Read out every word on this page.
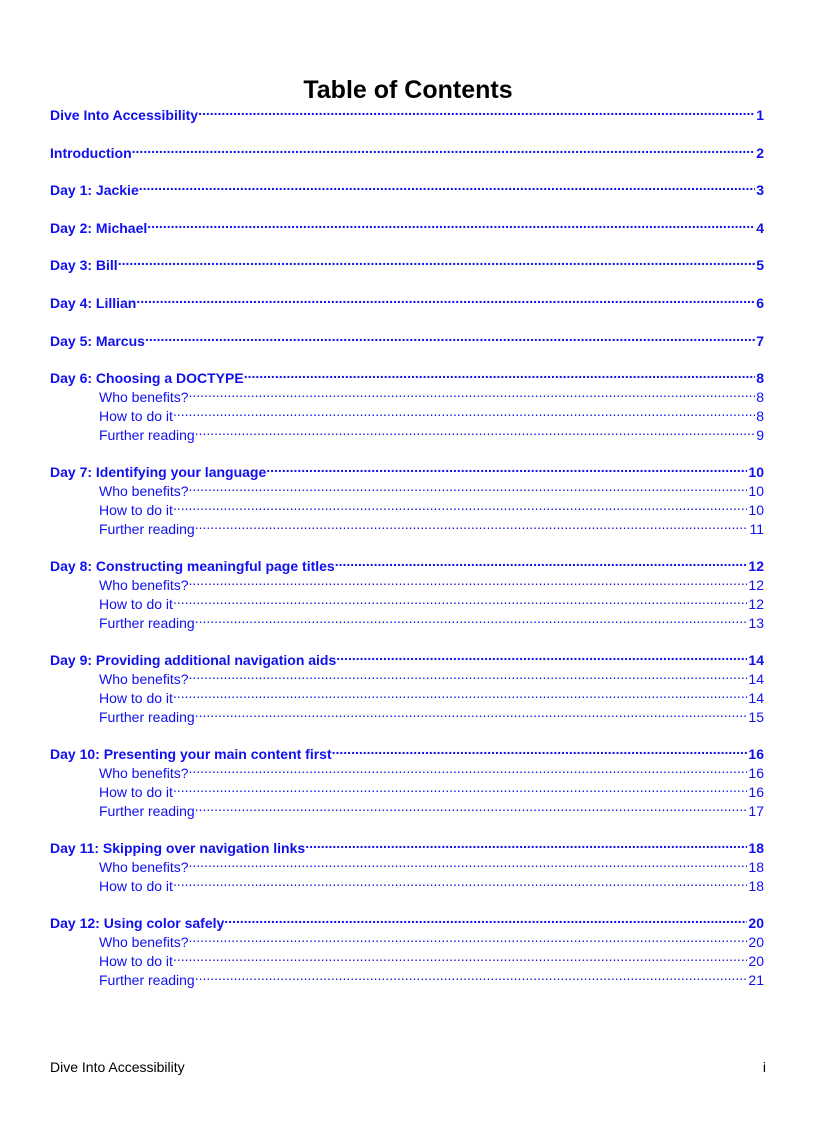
Table of Contents
Dive Into Accessibility .....	1
Introduction .....	2
Day 1: Jackie .....	3
Day 2: Michael .....	4
Day 3: Bill .....	5
Day 4: Lillian .....	6
Day 5: Marcus .....	7
Day 6: Choosing a DOCTYPE .....	8
Who benefits? .....	8
How to do it .....	8
Further reading .....	9
Day 7: Identifying your language .....	10
Who benefits? .....	10
How to do it .....	10
Further reading .....	11
Day 8: Constructing meaningful page titles .....	12
Who benefits? .....	12
How to do it .....	12
Further reading .....	13
Day 9: Providing additional navigation aids .....	14
Who benefits? .....	14
How to do it .....	14
Further reading .....	15
Day 10: Presenting your main content first .....	16
Who benefits? .....	16
How to do it .....	16
Further reading .....	17
Day 11: Skipping over navigation links .....	18
Who benefits? .....	18
How to do it .....	18
Day 12: Using color safely .....	20
Who benefits? .....	20
How to do it .....	20
Further reading .....	21
Dive Into Accessibility	i
